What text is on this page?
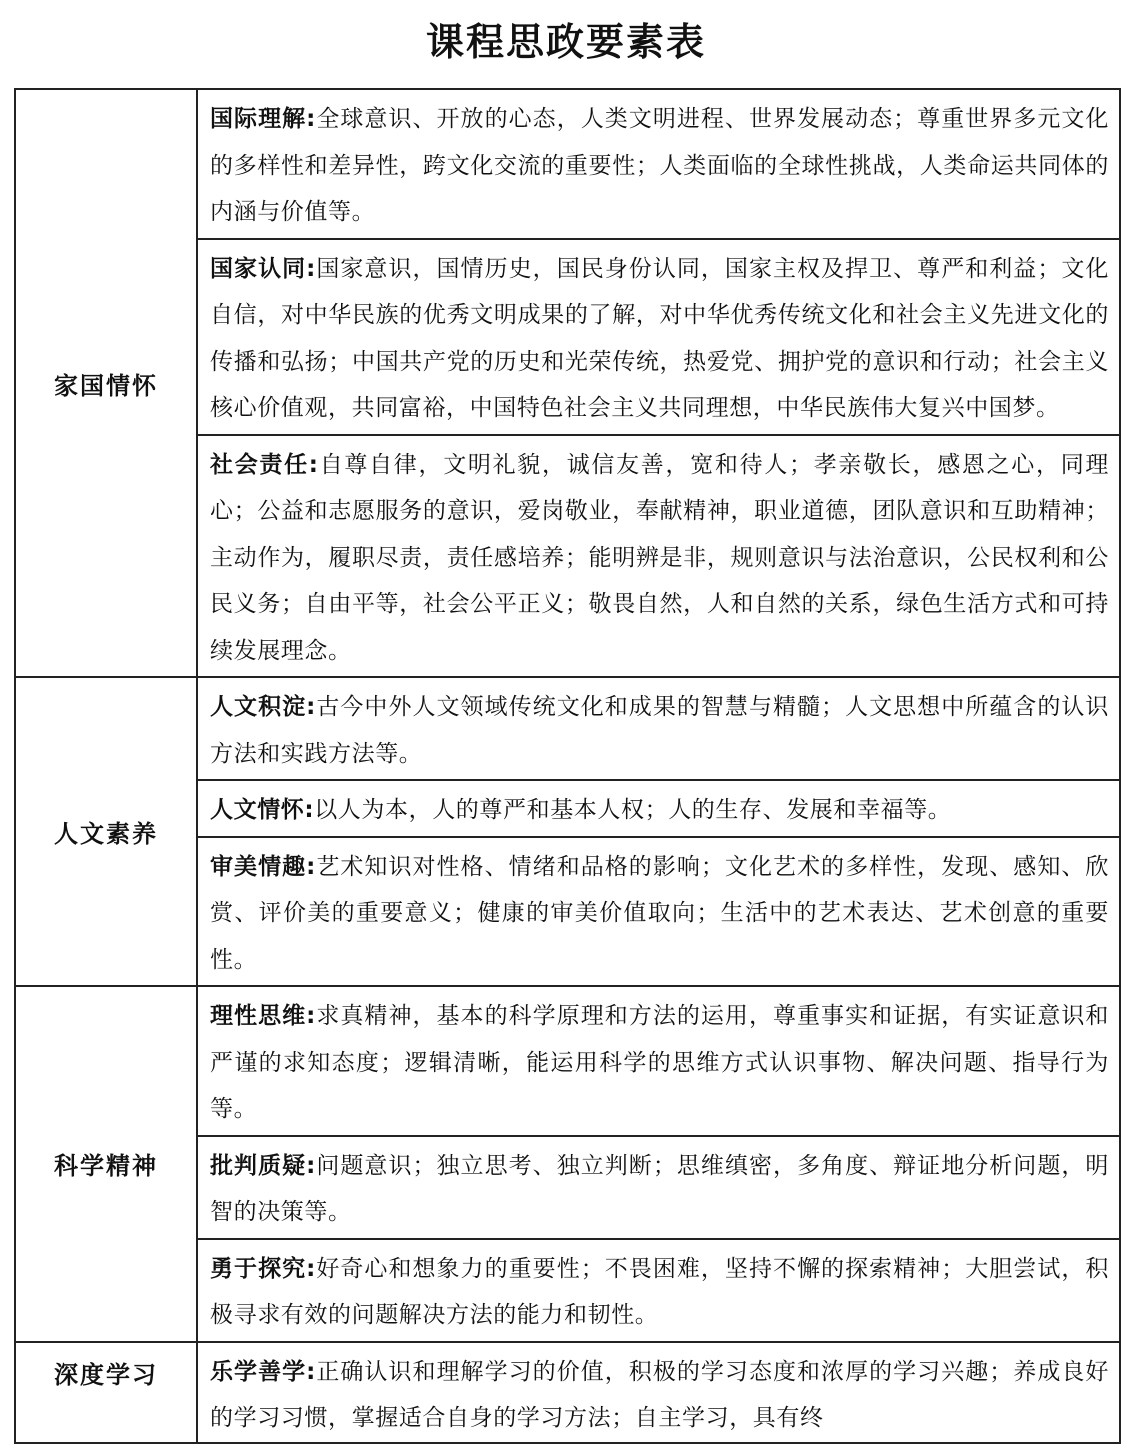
课程思政要素表
家国情怀	国际理解:全球意识、开放的心态，人类文明进程、世界发展动态；尊重世界多元文化的多样性和差异性，跨文化交流的重要性；人类面临的全球性挑战，人类命运共同体的内涵与价值等。
	国家认同:国家意识，国情历史，国民身份认同，国家主权及捍卫、尊严和利益；文化自信，对中华民族的优秀文明成果的了解，对中华优秀传统文化和社会主义先进文化的传播和弘扬；中国共产党的历史和光荣传统，热爱党、拥护党的意识和行动；社会主义核心价值观，共同富裕，中国特色社会主义共同理想，中华民族伟大复兴中国梦。
	社会责任:自尊自律，文明礼貌，诚信友善，宽和待人；孝亲敬长，感恩之心，同理心；公益和志愿服务的意识，爱岗敬业，奉献精神，职业道德，团队意识和互助精神；主动作为，履职尽责，责任感培养；能明辨是非，规则意识与法治意识，公民权利和公民义务；自由平等，社会公平正义；敬畏自然，人和自然的关系，绿色生活方式和可持续发展理念。
人文素养	人文积淀:古今中外人文领域传统文化和成果的智慧与精髓；人文思想中所蕴含的认识方法和实践方法等。
	人文情怀:以人为本，人的尊严和基本人权；人的生存、发展和幸福等。
	审美情趣:艺术知识对性格、情绪和品格的影响；文化艺术的多样性，发现、感知、欣赏、评价美的重要意义；健康的审美价值取向；生活中的艺术表达、艺术创意的重要性。
科学精神	理性思维:求真精神，基本的科学原理和方法的运用，尊重事实和证据，有实证意识和严谨的求知态度；逻辑清晰，能运用科学的思维方式认识事物、解决问题、指导行为等。
	批判质疑:问题意识；独立思考、独立判断；思维缜密，多角度、辩证地分析问题，明智的决策等。
	勇于探究:好奇心和想象力的重要性；不畏困难，坚持不懈的探索精神；大胆尝试，积极寻求有效的问题解决方法的能力和韧性。
深度学习	乐学善学:正确认识和理解学习的价值，积极的学习态度和浓厚的学习兴趣；养成良好的学习习惯，掌握适合自身的学习方法；自主学习，具有终
